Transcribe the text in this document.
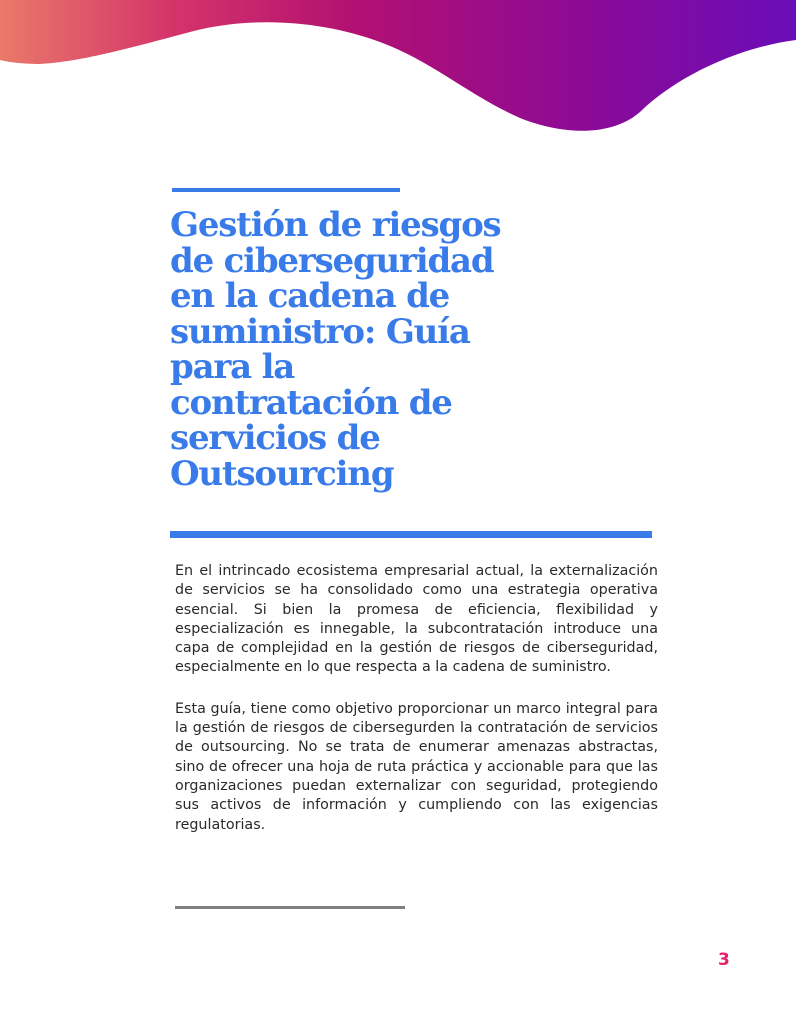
Gestión de riesgos
de ciberseguridad
en la cadena de
suministro: Guía
para la
contratación de
servicios de
Outsourcing

En el intrincado ecosistema empresarial actual, la externalización de servicios se ha consolidado como una estrategia operativa esencial. Si bien la promesa de eficiencia, flexibilidad y especialización es innegable, la subcontratación introduce una capa de complejidad en la gestión de riesgos de ciberseguridad, especialmente en lo que respecta a la cadena de suministro.

Esta guía, tiene como objetivo proporcionar un marco integral para la gestión de riesgos de cibersegurden la contratación de servicios de outsourcing. No se trata de enumerar amenazas abstractas, sino de ofrecer una hoja de ruta práctica y accionable para que las organizaciones puedan externalizar con seguridad, protegiendo sus activos de información y cumpliendo con las exigencias regulatorias.

3
